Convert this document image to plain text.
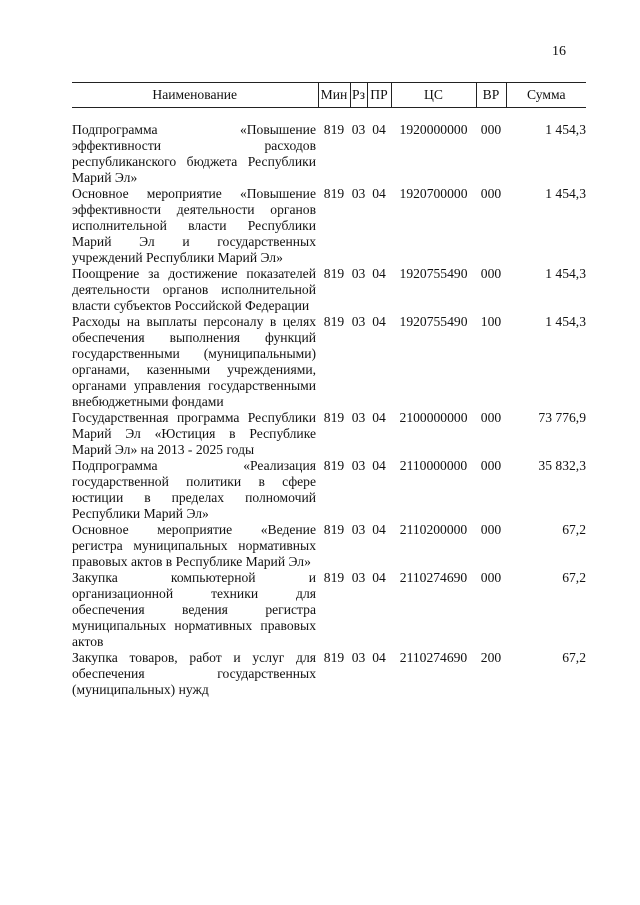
16
Наименование	Мин	Рз	ПР	ЦС	ВР	Сумма

Подпрограмма «Повышение эффективности расходов республиканского бюджета Республики Марий Эл»	819	03	04	1920000000	000	1 454,3
Основное мероприятие «Повышение эффективности деятельности органов исполнительной власти Республики Марий Эл и государственных учреждений Республики Марий Эл»	819	03	04	1920700000	000	1 454,3
Поощрение за достижение показателей деятельности органов исполнительной власти субъектов Российской Федерации	819	03	04	1920755490	000	1 454,3
Расходы на выплаты персоналу в целях обеспечения выполнения функций государственными (муниципальными) органами, казенными учреждениями, органами управления государственными внебюджетными фондами	819	03	04	1920755490	100	1 454,3
Государственная программа Республики Марий Эл «Юстиция в Республике Марий Эл» на 2013 - 2025 годы	819	03	04	2100000000	000	73 776,9
Подпрограмма «Реализация государственной политики в сфере юстиции в пределах полномочий Республики Марий Эл»	819	03	04	2110000000	000	35 832,3
Основное мероприятие «Ведение регистра муниципальных нормативных правовых актов в Республике Марий Эл»	819	03	04	2110200000	000	67,2
Закупка компьютерной и организационной техники для обеспечения ведения регистра муниципальных нормативных правовых актов	819	03	04	2110274690	000	67,2
Закупка товаров, работ и услуг для обеспечения государственных (муниципальных) нужд	819	03	04	2110274690	200	67,2
